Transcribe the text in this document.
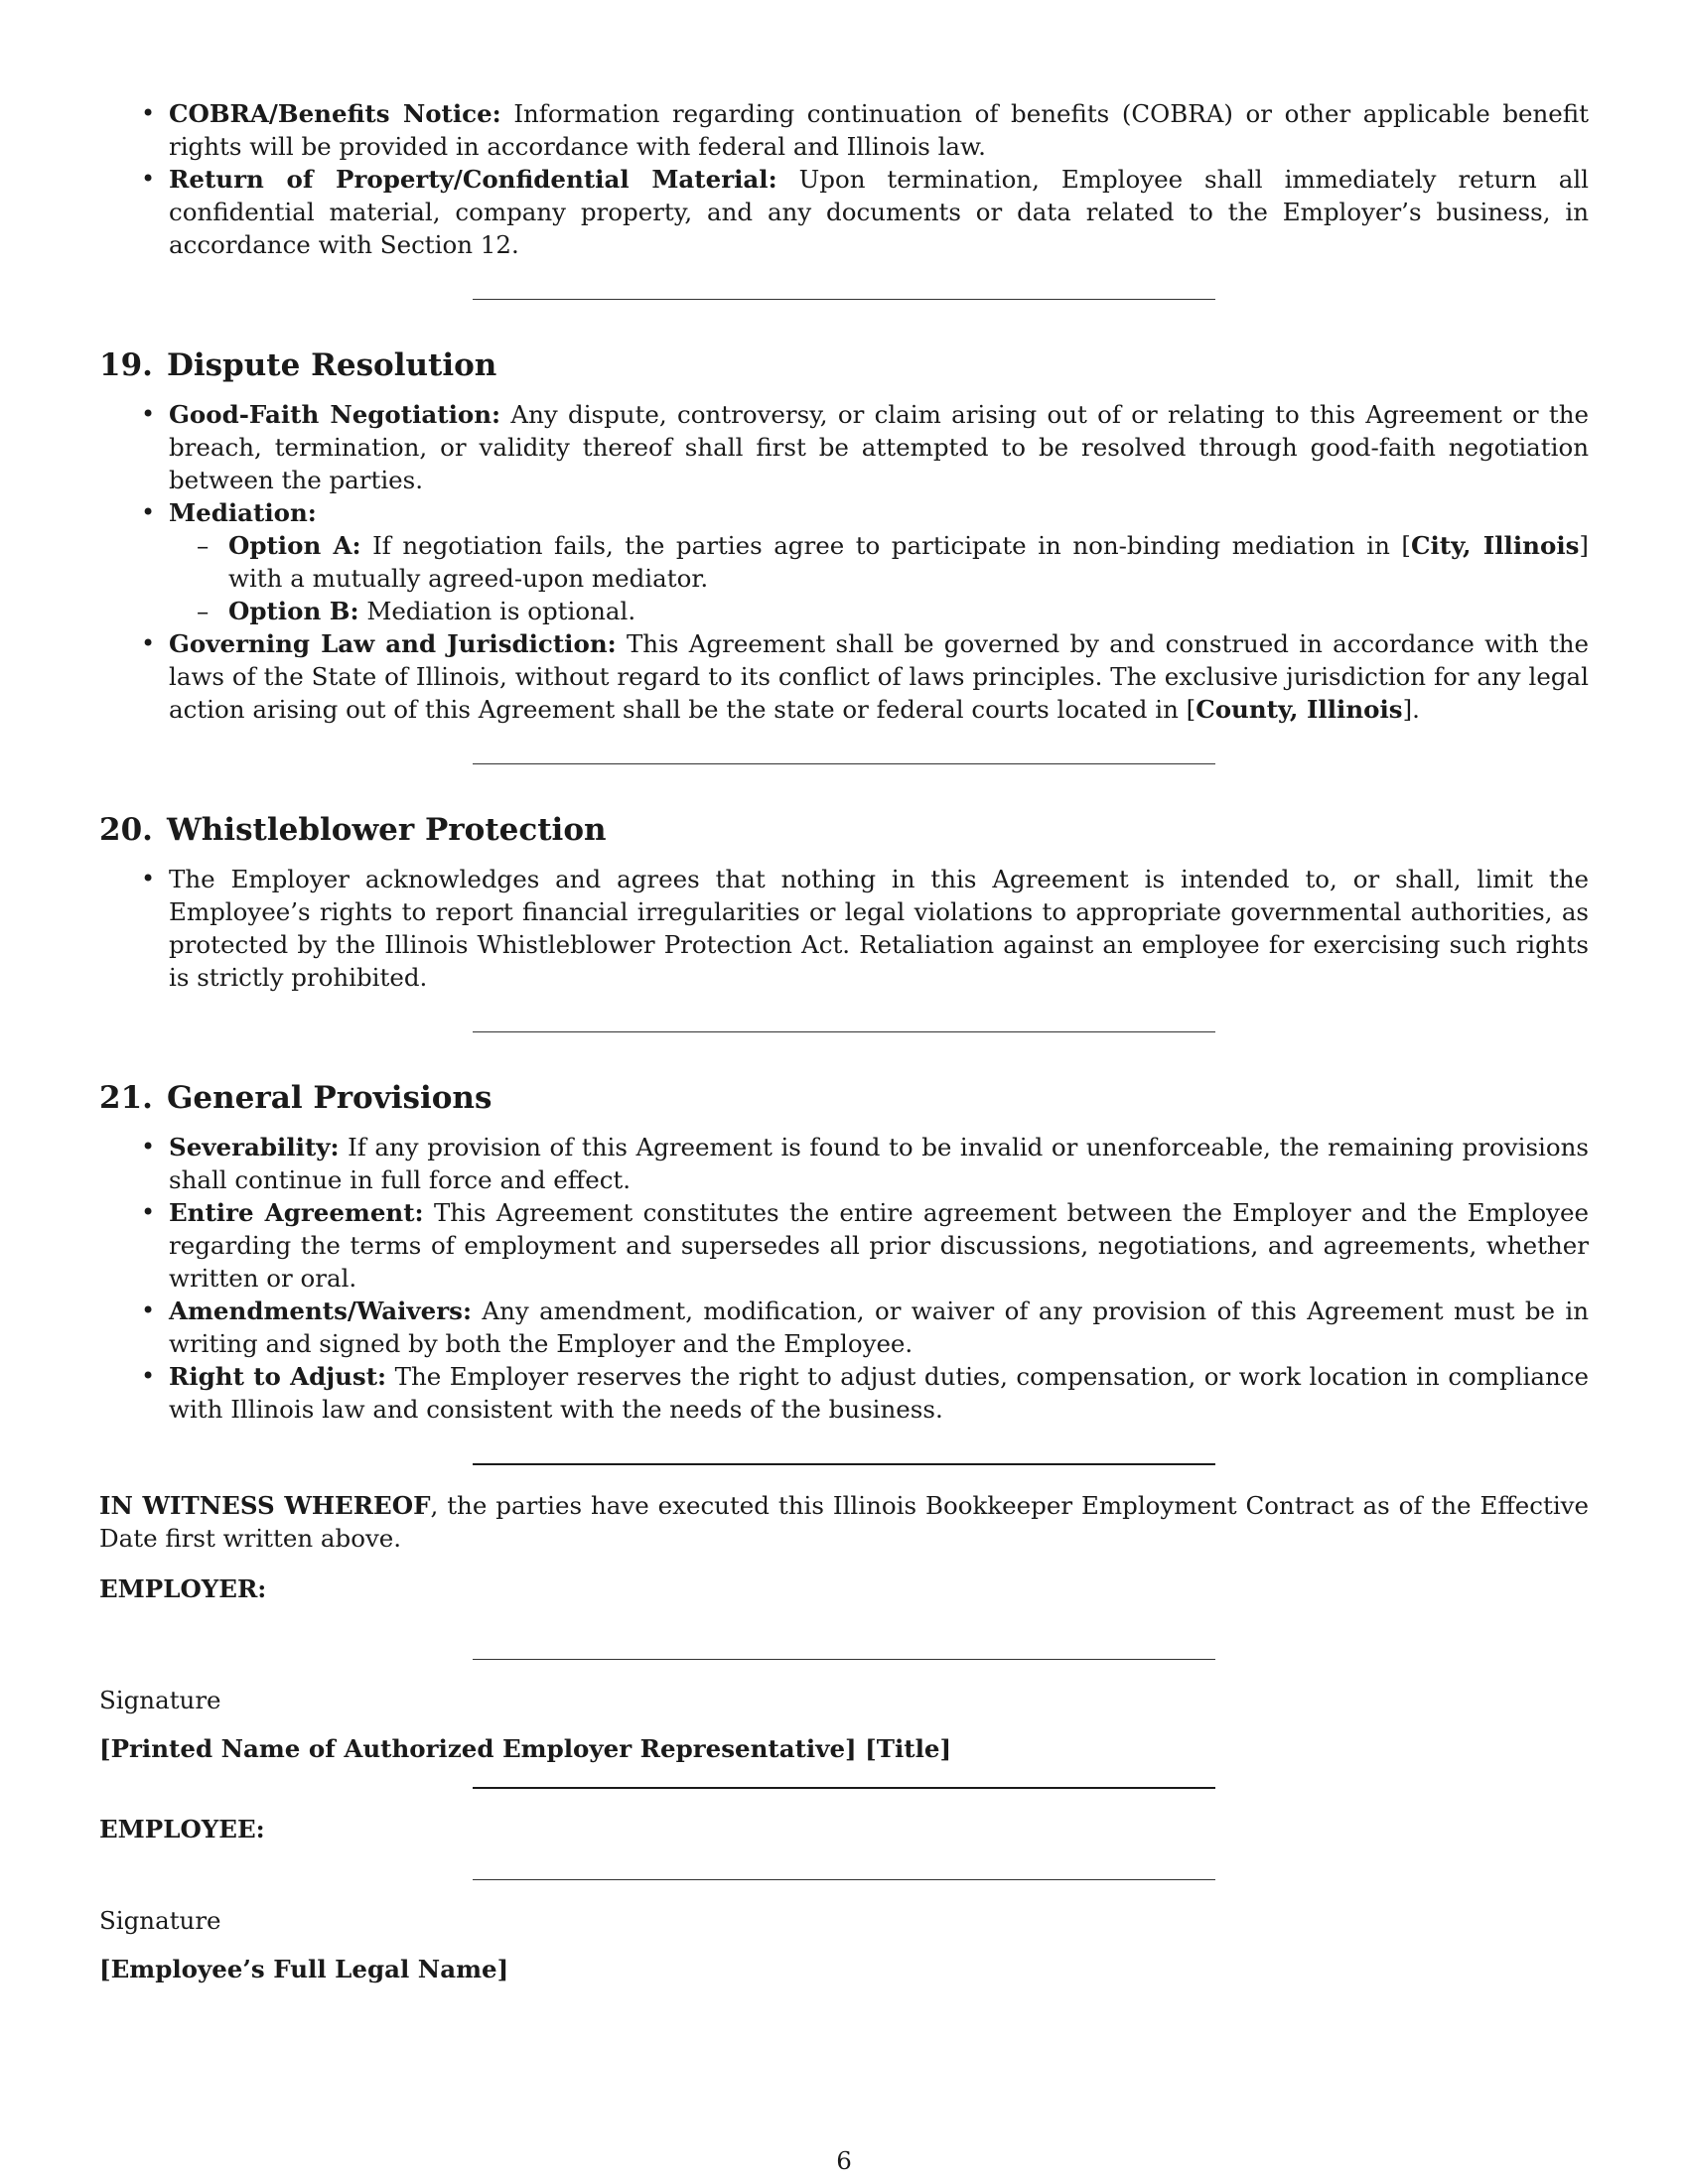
• COBRA/Benefits Notice: Information regarding continuation of benefits (COBRA) or other applicable benefit rights will be provided in accordance with federal and Illinois law.
• Return of Property/Confidential Material: Upon termination, Employee shall immediately return all confidential material, company property, and any documents or data related to the Employer’s business, in accordance with Section 12.
19. Dispute Resolution
• Good-Faith Negotiation: Any dispute, controversy, or claim arising out of or relating to this Agreement or the breach, termination, or validity thereof shall first be attempted to be resolved through good-faith negotiation between the parties.
• Mediation:
– Option A: If negotiation fails, the parties agree to participate in non-binding mediation in [City, Illinois] with a mutually agreed-upon mediator.
– Option B: Mediation is optional.
• Governing Law and Jurisdiction: This Agreement shall be governed by and construed in accordance with the laws of the State of Illinois, without regard to its conflict of laws principles. The exclusive jurisdiction for any legal action arising out of this Agreement shall be the state or federal courts located in [County, Illinois].
20. Whistleblower Protection
• The Employer acknowledges and agrees that nothing in this Agreement is intended to, or shall, limit the Employee’s rights to report financial irregularities or legal violations to appropriate governmental authorities, as protected by the Illinois Whistleblower Protection Act. Retaliation against an employee for exercising such rights is strictly prohibited.
21. General Provisions
• Severability: If any provision of this Agreement is found to be invalid or unenforceable, the remaining provisions shall continue in full force and effect.
• Entire Agreement: This Agreement constitutes the entire agreement between the Employer and the Employee regarding the terms of employment and supersedes all prior discussions, negotiations, and agreements, whether written or oral.
• Amendments/Waivers: Any amendment, modification, or waiver of any provision of this Agreement must be in writing and signed by both the Employer and the Employee.
• Right to Adjust: The Employer reserves the right to adjust duties, compensation, or work location in compliance with Illinois law and consistent with the needs of the business.
IN WITNESS WHEREOF, the parties have executed this Illinois Bookkeeper Employment Contract as of the Effective Date first written above.
EMPLOYER:
Signature
[Printed Name of Authorized Employer Representative] [Title]
EMPLOYEE:
Signature
[Employee’s Full Legal Name]
6
